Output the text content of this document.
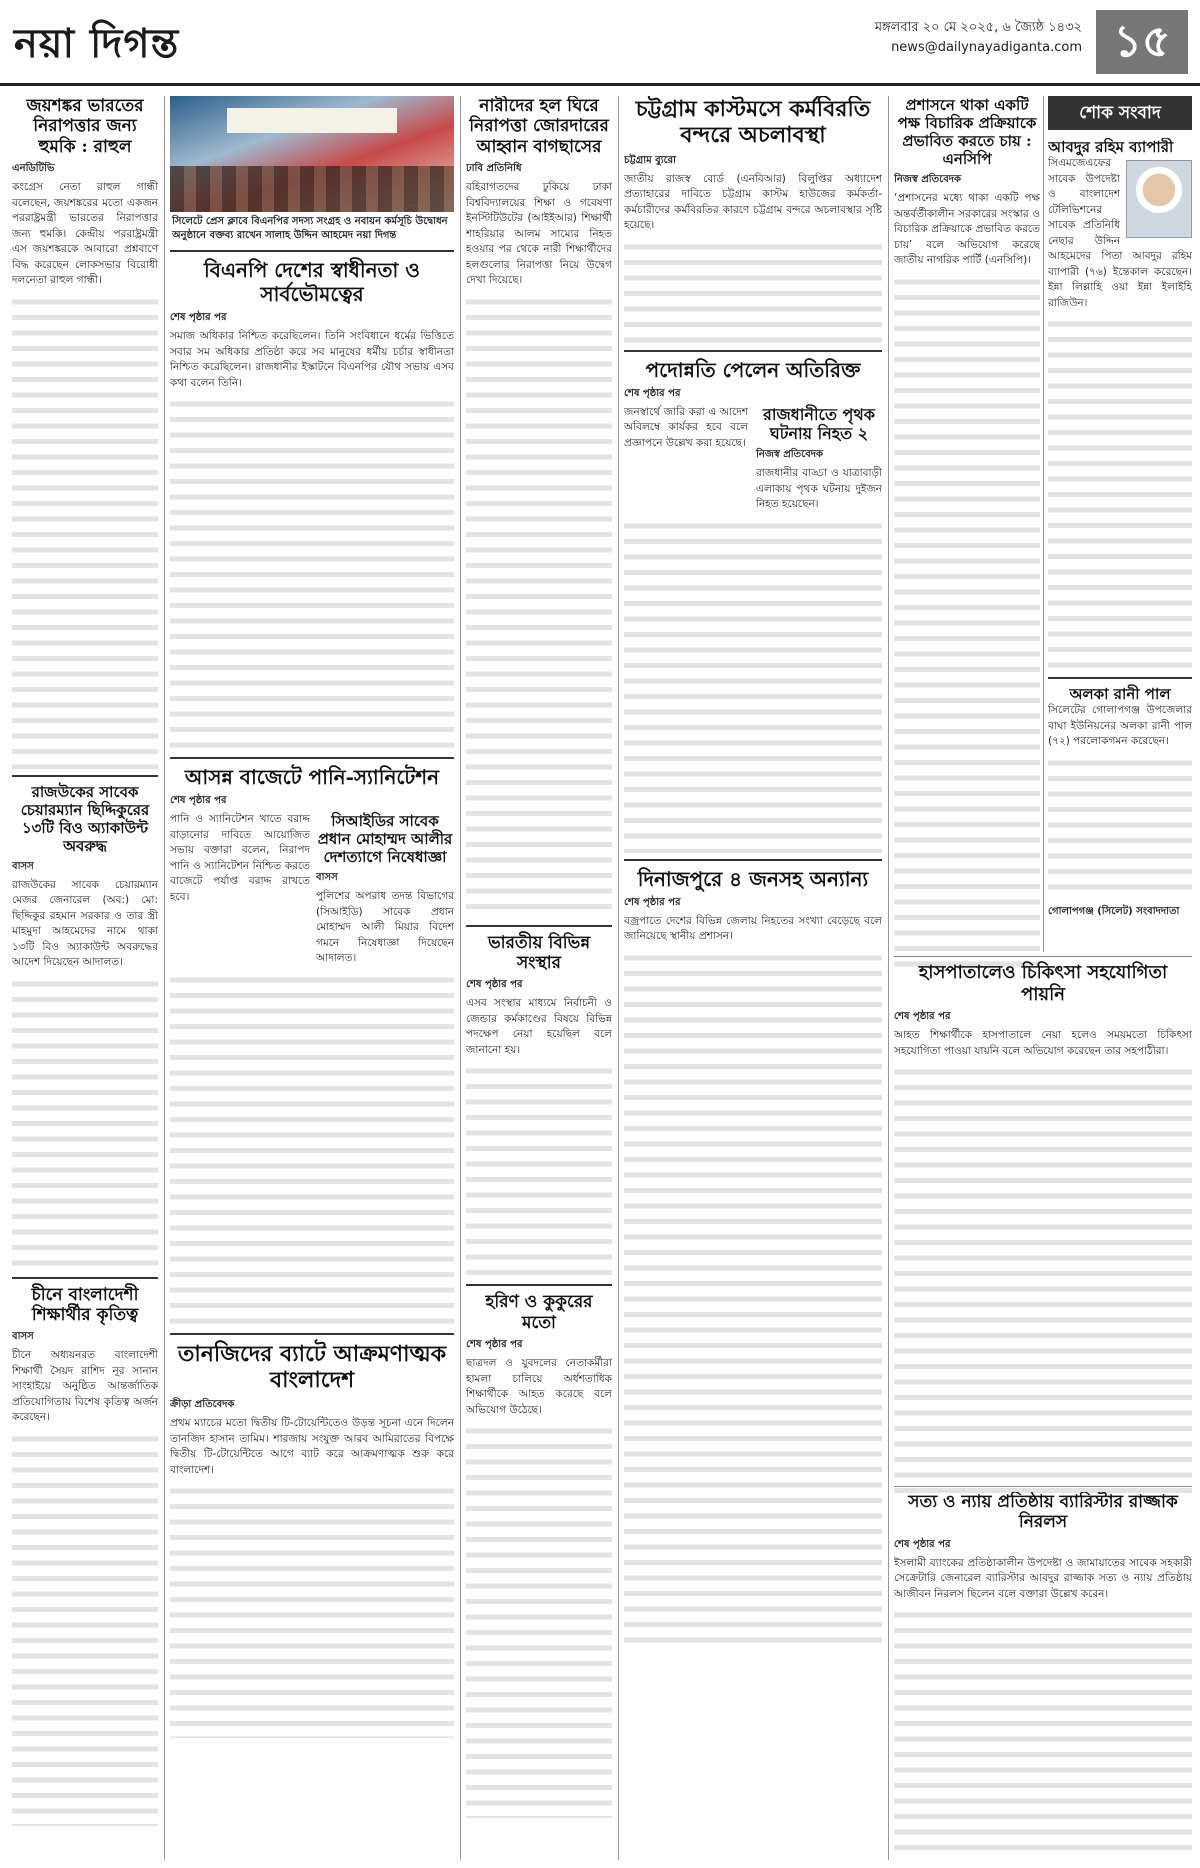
নয়া দিগন্ত	মঙ্গলবার ২০ মে ২০২৫, ৬ জ্যৈষ্ঠ ১৪৩২
news@dailynayadiganta.com ১৫
জয়শঙ্কর ভারতের নিরাপত্তার জন্য হুমকি : রাহুল
এনডিটিভি
কংগ্রেস নেতা রাহুল গান্ধী বলেছেন, জয়শঙ্করের মতো একজন পররাষ্ট্রমন্ত্রী ভারতের নিরাপত্তার জন্য হুমকি। কেন্দ্রীয় পররাষ্ট্রমন্ত্রী এস জয়শঙ্করকে আবারো প্রশ্নবাণে বিদ্ধ করেছেন লোকসভার বিরোধী দলনেতা রাহুল গান্ধী।
রাজউকের সাবেক চেয়ারম্যান ছিদ্দিকুরের ১৩টি বিও অ্যাকাউন্ট অবরুদ্ধ
বাসস
রাজউকের সাবেক চেয়ারম্যান মেজর জেনারেল (অব:) মো: ছিদ্দিকুর রহমান সরকার ও তার স্ত্রী মাহমুদা আহমেদের নামে থাকা ১৩টি বিও অ্যাকাউন্ট অবরুদ্ধের আদেশ দিয়েছেন আদালত।
চীনে বাংলাদেশী শিক্ষার্থীর কৃতিত্ব
বাসস
চীনে অধ্যয়নরত বাংলাদেশী শিক্ষার্থী সৈয়দ রাশিদ নূর সানান সাংহাইয়ে অনুষ্ঠিত আন্তর্জাতিক প্রতিযোগিতায় বিশেষ কৃতিত্ব অর্জন করেছেন।
সিলেটে প্রেস ক্লাবে বিএনপির সদস্য সংগ্রহ ও নবায়ন কর্মসূচি উদ্বোধন অনুষ্ঠানে বক্তব্য রাখেন সালাহ উদ্দিন আহমেদ নয়া দিগন্ত
বিএনপি দেশের স্বাধীনতা ও সার্বভৌমত্বের
শেষ পৃষ্ঠার পর
সমাজ অধিকার নিশ্চিত করেছিলেন। তিনি সংবিধানে ধর্মের ভিত্তিতে সবার সম অধিকার প্রতিষ্ঠা করে সব মানুষের ধর্মীয় চর্চার স্বাধীনতা নিশ্চিত করেছিলেন। রাজধানীর ইস্কাটনে বিএনপির যৌথ সভায় এসব কথা বলেন তিনি।
আসন্ন বাজেটে পানি-স্যানিটেশন
শেষ পৃষ্ঠার পর
পানি ও স্যানিটেশন খাতে বরাদ্দ বাড়ানোর দাবিতে আয়োজিত সভায় বক্তারা বলেন, নিরাপদ পানি ও স্যানিটেশন নিশ্চিত করতে বাজেটে পর্যাপ্ত বরাদ্দ রাখতে হবে।
সিআইডির সাবেক প্রধান মোহাম্মদ আলীর দেশত্যাগে নিষেধাজ্ঞা
বাসস
পুলিশের অপরাধ তদন্ত বিভাগের (সিআইডি) সাবেক প্রধান মোহাম্মদ আলী মিয়ার বিদেশ গমনে নিষেধাজ্ঞা দিয়েছেন আদালত।
তানজিদের ব্যাটে আক্রমণাত্মক বাংলাদেশ
ক্রীড়া প্রতিবেদক
প্রথম ম্যাচের মতো দ্বিতীয় টি-টোয়েন্টিতেও উড়ন্ত সূচনা এনে দিলেন তানজিদ হাসান তামিম। শারজায় সংযুক্ত আরব আমিরাতের বিপক্ষে দ্বিতীয় টি-টোয়েন্টিতে আগে ব্যাট করে আক্রমণাত্মক শুরু করে বাংলাদেশ।
নারীদের হল ঘিরে নিরাপত্তা জোরদারের আহ্বান বাগছাসের
ঢাবি প্রতিনিধি
বহিরাগতদের ঢুকিয়ে ঢাকা বিশ্ববিদ্যালয়ের শিক্ষা ও গবেষণা ইনস্টিটিউটের (আইইআর) শিক্ষার্থী শাহরিয়ার আলম সাম্যের নিহত হওয়ার পর থেকে নারী শিক্ষার্থীদের হলগুলোর নিরাপত্তা নিয়ে উদ্বেগ দেখা দিয়েছে।
ভারতীয় বিভিন্ন সংস্থার
শেষ পৃষ্ঠার পর
এসব সংস্থার মাধ্যমে নির্বাচনী ও জেন্ডার কর্মকাণ্ডের বিষয়ে বিভিন্ন পদক্ষেপ নেয়া হয়েছিল বলে জানানো হয়।
হরিণ ও কুকুরের মতো
শেষ পৃষ্ঠার পর
ছাত্রদল ও যুবদলের নেতাকর্মীরা হামলা চালিয়ে অর্ধশতাধিক শিক্ষার্থীকে আহত করেছে বলে অভিযোগ উঠেছে।
চট্টগ্রাম কাস্টমসে কর্মবিরতি বন্দরে অচলাবস্থা
চট্টগ্রাম ব্যুরো
জাতীয় রাজস্ব বোর্ড (এনবিআর) বিলুপ্তির অধ্যাদেশ প্রত্যাহারের দাবিতে চট্টগ্রাম কাস্টম হাউজের কর্মকর্তা-কর্মচারীদের কর্মবিরতির কারণে চট্টগ্রাম বন্দরে অচলাবস্থার সৃষ্টি হয়েছে।
পদোন্নতি পেলেন অতিরিক্ত
শেষ পৃষ্ঠার পর
জনস্বার্থে জারি করা এ আদেশ অবিলম্বে কার্যকর হবে বলে প্রজ্ঞাপনে উল্লেখ করা হয়েছে।
রাজধানীতে পৃথক ঘটনায় নিহত ২
নিজস্ব প্রতিবেদক
রাজধানীর বাড্ডা ও যাত্রাবাড়ী এলাকায় পৃথক ঘটনায় দুইজন নিহত হয়েছেন।
দিনাজপুরে ৪ জনসহ অন্যান্য
শেষ পৃষ্ঠার পর
বজ্রপাতে দেশের বিভিন্ন জেলায় নিহতের সংখ্যা বেড়েছে বলে জানিয়েছে স্থানীয় প্রশাসন।
প্রশাসনে থাকা একটি পক্ষ বিচারিক প্রক্রিয়াকে প্রভাবিত করতে চায় : এনসিপি
নিজস্ব প্রতিবেদক
‘প্রশাসনের মধ্যে থাকা একটি পক্ষ অন্তর্বর্তীকালীন সরকারের সংস্কার ও বিচারিক প্রক্রিয়াকে প্রভাবিত করতে চায়’ বলে অভিযোগ করেছে জাতীয় নাগরিক পার্টি (এনসিপি)।
হাসপাতালেও চিকিৎসা সহযোগিতা পায়নি
শেষ পৃষ্ঠার পর
আহত শিক্ষার্থীকে হাসপাতালে নেয়া হলেও সময়মতো চিকিৎসা সহযোগিতা পাওয়া যায়নি বলে অভিযোগ করেছেন তার সহপাঠীরা।
সত্য ও ন্যায় প্রতিষ্ঠায় ব্যারিস্টার রাজ্জাক নিরলস
শেষ পৃষ্ঠার পর
ইসলামী ব্যাংকের প্রতিষ্ঠাকালীন উপদেষ্টা ও জামায়াতের সাবেক সহকারী সেক্রেটারি জেনারেল ব্যারিস্টার আবদুর রাজ্জাক সত্য ও ন্যায় প্রতিষ্ঠায় আজীবন নিরলস ছিলেন বলে বক্তারা উল্লেখ করেন।
শোক সংবাদ
আবদুর রহিম ব্যাপারী
সিএমজেএফের সাবেক উপদেষ্টা ও বাংলাদেশ টেলিভিশনের সাবেক প্রতিনিধি নেছার উদ্দিন আহমেদের পিতা আবদুর রহিম ব্যাপারী (৭৬) ইন্তেকাল করেছেন। ইন্না লিল্লাহি ওয়া ইন্না ইলাইহি রাজিউন।
অলকা রানী পাল
সিলেটের গোলাপগঞ্জ উপজেলার বাঘা ইউনিয়নের অলকা রানী পাল (৭২) পরলোকগমন করেছেন।
গোলাপগঞ্জ (সিলেট) সংবাদদাতা
